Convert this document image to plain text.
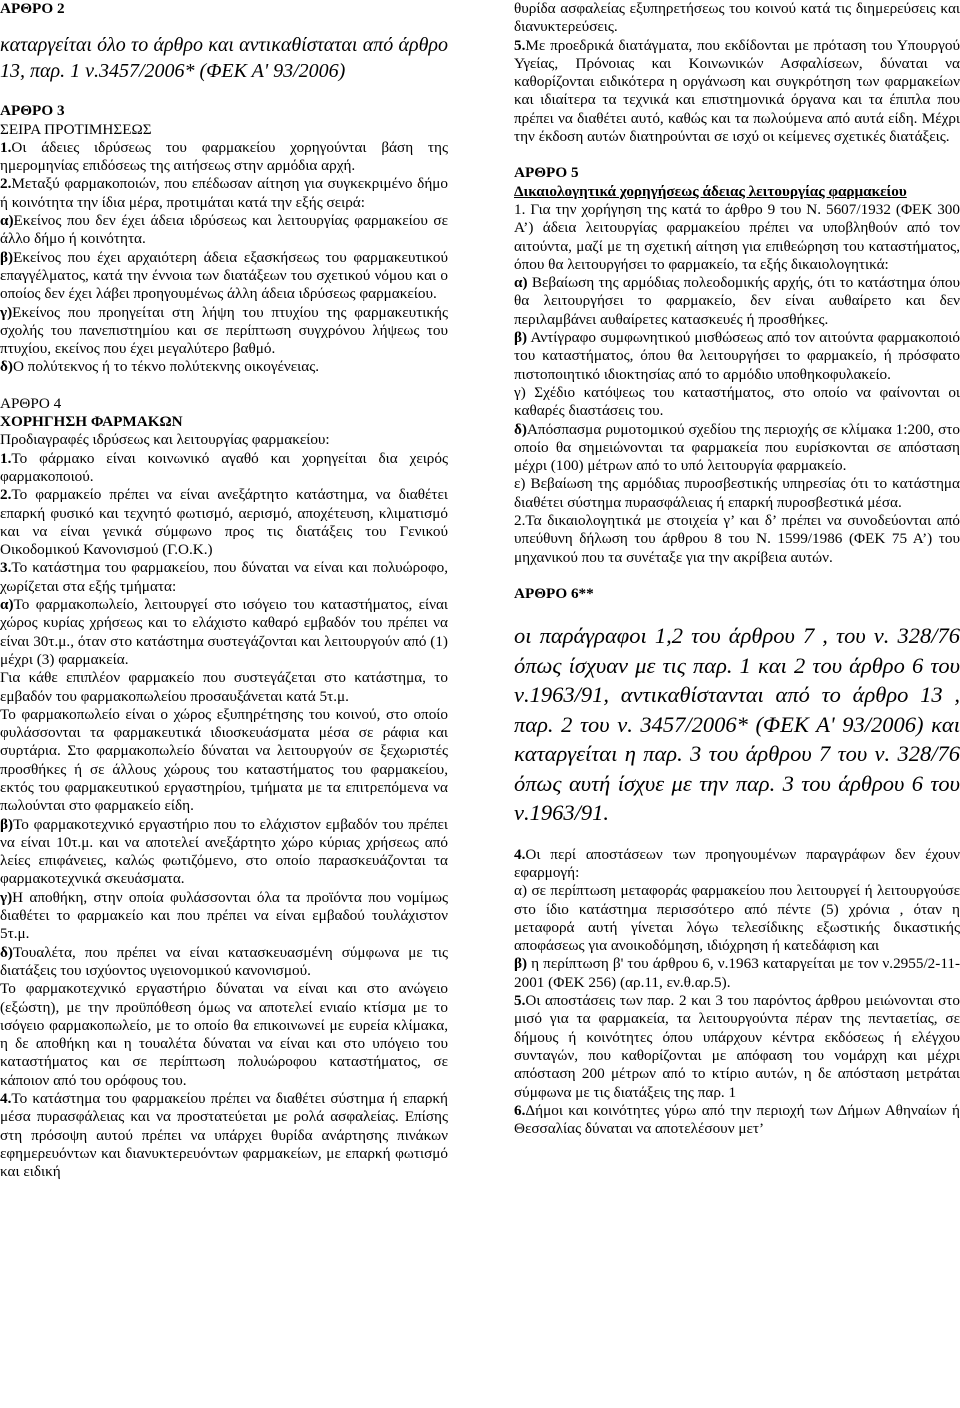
ΑΡΘΡΟ 2

καταργείται όλο το άρθρο και αντικαθίσταται από άρθρο 13, παρ. 1 ν.3457/2006* (ΦΕΚ Α' 93/2006)

ΑΡΘΡΟ 3

ΣΕΙΡΑ ΠΡΟΤΙΜΗΣΕΩΣ

1.Οι άδειες ιδρύσεως του φαρμακείου χορηγούνται βάση της ημερομηνίας επιδόσεως της αιτήσεως στην αρμόδια αρχή.

2.Μεταξύ φαρμακοποιών, που επέδωσαν αίτηση για συγκεκριμένο δήμο ή κοινότητα την ίδια μέρα, προτιμάται κατά την εξής σειρά:

α)Εκείνος που δεν έχει άδεια ιδρύσεως και λειτουργίας φαρμακείου σε άλλο δήμο ή κοινότητα.

β)Εκείνος που έχει αρχαιότερη άδεια εξασκήσεως του φαρμακευτικού επαγγέλματος, κατά την έννοια των διατάξεων του σχετικού νόμου και ο οποίος δεν έχει λάβει προηγουμένως άλλη άδεια ιδρύσεως φαρμακείου.

γ)Εκείνος που προηγείται στη λήψη του πτυχίου της φαρμακευτικής σχολής του πανεπιστημίου και σε περίπτωση συγχρόνου λήψεως του πτυχίου, εκείνος που έχει μεγαλύτερο βαθμό.

δ)Ο πολύτεκνος ή το τέκνο πολύτεκνης οικογένειας.

ΑΡΘΡΟ 4

ΧΟΡΗΓΗΣΗ ΦΑΡΜΑΚΩΝ

Προδιαγραφές ιδρύσεως και λειτουργίας φαρμακείου:

1.Το φάρμακο είναι κοινωνικό αγαθό και χορηγείται δια χειρός φαρμακοποιού.

2.Το φαρμακείο πρέπει να είναι ανεξάρτητο κατάστημα, να διαθέτει επαρκή φυσικό και τεχνητό φωτισμό, αερισμό, αποχέτευση, κλιματισμό και να είναι γενικά σύμφωνο προς τις διατάξεις του Γενικού Οικοδομικού Κανονισμού (Γ.Ο.Κ.)

3.Το κατάστημα του φαρμακείου, που δύναται να είναι και πολυώροφο, χωρίζεται στα εξής τμήματα:

α)Το φαρμακοπωλείο, λειτουργεί στο ισόγειο του καταστήματος, είναι χώρος κυρίας χρήσεως και το ελάχιστο καθαρό εμβαδόν του πρέπει να είναι 30τ.μ., όταν στο κατάστημα συστεγάζονται και λειτουργούν από (1) μέχρι (3) φαρμακεία.

Για κάθε επιπλέον φαρμακείο που συστεγάζεται στο κατάστημα, το εμβαδόν του φαρμακοπωλείου προσαυξάνεται κατά 5τ.μ.

Το φαρμακοπωλείο είναι ο χώρος εξυπηρέτησης του κοινού, στο οποίο φυλάσσονται τα φαρμακευτικά ιδιοσκευάσματα μέσα σε ράφια και συρτάρια. Στο φαρμακοπωλείο δύναται να λειτουργούν σε ξεχωριστές προσθήκες ή σε άλλους χώρους του καταστήματος του φαρμακείου, εκτός του φαρμακευτικού εργαστηρίου, τμήματα με τα επιτρεπόμενα να πωλούνται στο φαρμακείο είδη.

β)Το φαρμακοτεχνικό εργαστήριο που το ελάχιστον εμβαδόν του πρέπει να είναι 10τ.μ. και να αποτελεί ανεξάρτητο χώρο κύριας χρήσεως από λείες επιφάνειες, καλώς φωτιζόμενο, στο οποίο παρασκευάζονται τα φαρμακοτεχνικά σκευάσματα.

γ)Η αποθήκη, στην οποία φυλάσσονται όλα τα προϊόντα που νομίμως διαθέτει το φαρμακείο και που πρέπει να είναι εμβαδού τουλάχιστον 5τ.μ.

δ)Τουαλέτα, που πρέπει να είναι κατασκευασμένη σύμφωνα με τις διατάξεις του ισχύοντος υγειονομικού κανονισμού.

Το φαρμακοτεχνικό εργαστήριο δύναται να είναι και στο ανώγειο (εξώστη), με την προϋπόθεση όμως να αποτελεί ενιαίο κτίσμα με το ισόγειο φαρμακοπωλείο, με το οποίο θα επικοινωνεί με ευρεία κλίμακα, η δε αποθήκη και η τουαλέτα δύναται να είναι και στο υπόγειο του καταστήματος και σε περίπτωση πολυώροφου καταστήματος, σε κάποιον από του ορόφους του.

4.Το κατάστημα του φαρμακείου πρέπει να διαθέτει σύστημα ή επαρκή μέσα πυρασφάλειας και να προστατεύεται με ρολά ασφαλείας. Επίσης στη πρόσοψη αυτού πρέπει να υπάρχει θυρίδα ανάρτησης πινάκων εφημερευόντων και διανυκτερευόντων φαρμακείων, με επαρκή φωτισμό και ειδική

θυρίδα ασφαλείας εξυπηρετήσεως του κοινού κατά τις διημερεύσεις και διανυκτερεύσεις.

5.Με προεδρικά διατάγματα, που εκδίδονται με πρόταση του Υπουργού Υγείας, Πρόνοιας και Κοινωνικών Ασφαλίσεων, δύναται να καθορίζονται ειδικότερα η οργάνωση και συγκρότηση των φαρμακείων και ιδιαίτερα τα τεχνικά και επιστημονικά όργανα και τα έπιπλα που πρέπει να διαθέτει αυτό, καθώς και τα πωλούμενα από αυτά είδη. Μέχρι την έκδοση αυτών διατηρούνται σε ισχύ οι κείμενες σχετικές διατάξεις.

ΑΡΘΡΟ 5

Δικαιολογητικά χορηγήσεως άδειας λειτουργίας φαρμακείου

1. Για την χορήγηση της κατά το άρθρο 9 του Ν. 5607/1932 (ΦΕΚ 300 Α’) άδεια λειτουργίας φαρμακείου πρέπει να υποβληθούν από τον αιτούντα, μαζί με τη σχετική αίτηση για επιθεώρηση του καταστήματος, όπου θα λειτουργήσει το φαρμακείο, τα εξής δικαιολογητικά:

α) Βεβαίωση της αρμόδιας πολεοδομικής αρχής, ότι το κατάστημα όπου θα λειτουργήσει το φαρμακείο, δεν είναι αυθαίρετο και δεν περιλαμβάνει αυθαίρετες κατασκευές ή προσθήκες.

β) Αντίγραφο συμφωνητικού μισθώσεως από τον αιτούντα φαρμακοποιό του καταστήματος, όπου θα λειτουργήσει το φαρμακείο, ή πρόσφατο πιστοποιητικό ιδιοκτησίας από το αρμόδιο υποθηκοφυλακείο.

γ) Σχέδιο κατόψεως του καταστήματος, στο οποίο να φαίνονται οι καθαρές διαστάσεις του.

δ)Απόσπασμα ρυμοτομικού σχεδίου της περιοχής σε κλίμακα 1:200, στο οποίο θα σημειώνονται τα φαρμακεία που ευρίσκονται σε απόσταση μέχρι (100) μέτρων από το υπό λειτουργία φαρμακείο.

ε) Βεβαίωση της αρμόδιας πυροσβεστικής υπηρεσίας ότι το κατάστημα διαθέτει σύστημα πυρασφάλειας ή επαρκή πυροσβεστικά μέσα.

2.Τα δικαιολογητικά με στοιχεία γ’ και δ’ πρέπει να συνοδεύονται από υπεύθυνη δήλωση του άρθρου 8 του Ν. 1599/1986 (ΦΕΚ 75 Α’) του μηχανικού που τα συνέταξε για την ακρίβεια αυτών.

ΑΡΘΡΟ 6**

οι παράγραφοι 1,2 του άρθρου 7 , του ν. 328/76 όπως ίσχυαν με τις παρ. 1 και 2 του άρθρο 6 του ν.1963/91, αντικαθίστανται από το άρθρο 13 , παρ. 2 του ν. 3457/2006* (ΦΕΚ Α' 93/2006) και καταργείται η παρ. 3 του άρθρου 7 του ν. 328/76 όπως αυτή ίσχυε με την παρ. 3 του άρθρου 6 του ν.1963/91.

4.Οι περί αποστάσεων των προηγουμένων παραγράφων δεν έχουν εφαρμογή:

α) σε περίπτωση μεταφοράς φαρμακείου που λειτουργεί ή λειτουργούσε στο ίδιο κατάστημα περισσότερο από πέντε (5) χρόνια , όταν η μεταφορά αυτή γίνεται λόγω τελεσίδικης εξωστικής δικαστικής αποφάσεως για ανοικοδόμηση, ιδιόχρηση ή κατεδάφιση και

β) η περίπτωση β' του άρθρου 6, ν.1963 καταργείται με τον ν.2955/2-11-2001 (ΦΕΚ 256) (αρ.11, εν.θ.αρ.5).

5.Οι αποστάσεις των παρ. 2 και 3 του παρόντος άρθρου μειώνονται στο μισό για τα φαρμακεία, τα λειτουργούντα πέραν της πενταετίας, σε δήμους ή κοινότητες όπου υπάρχουν κέντρα εκδόσεως ή ελέγχου συνταγών, που καθορίζονται με απόφαση του νομάρχη και μέχρι απόσταση 200 μέτρων από το κτίριο αυτών, η δε απόσταση μετράται σύμφωνα με τις διατάξεις της παρ. 1

6.Δήμοι και κοινότητες γύρω από την περιοχή των Δήμων Αθηναίων ή Θεσσαλίας δύναται να αποτελέσουν μετ’
